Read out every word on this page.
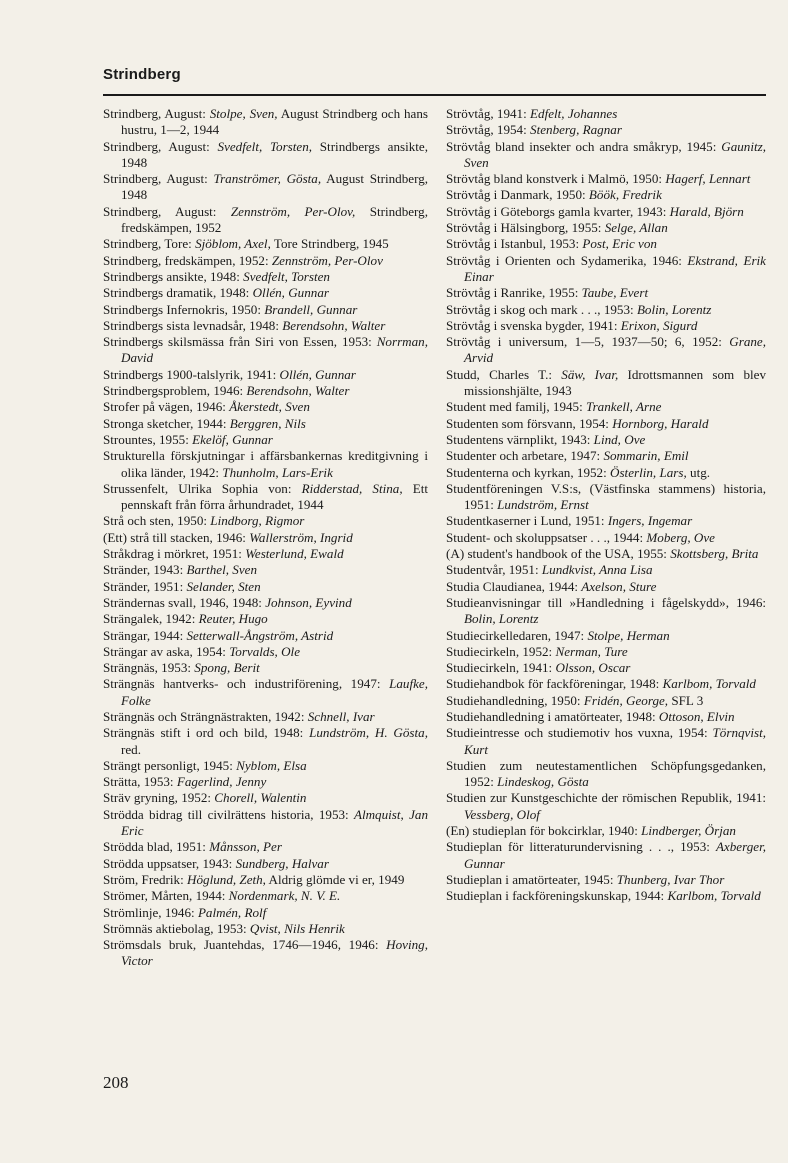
Strindberg
Strindberg, August: Stolpe, Sven, August Strindberg och hans hustru, 1—2, 1944
Strindberg, August: Svedfelt, Torsten, Strindbergs ansikte, 1948
Strindberg, August: Tranströmer, Gösta, August Strindberg, 1948
Strindberg, August: Zennström, Per-Olov, Strindberg, fredskämpen, 1952
Strindberg, Tore: Sjöblom, Axel, Tore Strindberg, 1945
Strindberg, fredskämpen, 1952: Zennström, Per-Olov
Strindbergs ansikte, 1948: Svedfelt, Torsten
Strindbergs dramatik, 1948: Ollén, Gunnar
Strindbergs Infernokris, 1950: Brandell, Gunnar
Strindbergs sista levnadsår, 1948: Berendsohn, Walter
Strindbergs skilsmässa från Siri von Essen, 1953: Norrman, David
Strindbergs 1900-talslyrik, 1941: Ollén, Gunnar
Strindbergsproblem, 1946: Berendsohn, Walter
Strofer på vägen, 1946: Åkerstedt, Sven
Stronga sketcher, 1944: Berggren, Nils
Strountes, 1955: Ekelöf, Gunnar
Strukturella förskjutningar i affärsbankernas kreditgivning i olika länder, 1942: Thunholm, Lars-Erik
Strussenfelt, Ulrika Sophia von: Ridderstad, Stina, Ett pennskaft från förra århundradet, 1944
Strå och sten, 1950: Lindborg, Rigmor
(Ett) strå till stacken, 1946: Wallerström, Ingrid
Stråkdrag i mörkret, 1951: Westerlund, Ewald
Stränder, 1943: Barthel, Sven
Stränder, 1951: Selander, Sten
Strändernas svall, 1946, 1948: Johnson, Eyvind
Strängalek, 1942: Reuter, Hugo
Strängar, 1944: Setterwall-Ångström, Astrid
Strängar av aska, 1954: Torvalds, Ole
Strängnäs, 1953: Spong, Berit
Strängnäs hantverks- och industriförening, 1947: Laufke, Folke
Strängnäs och Strängnästrakten, 1942: Schnell, Ivar
Strängnäs stift i ord och bild, 1948: Lundström, H. Gösta, red.
Strängt personligt, 1945: Nyblom, Elsa
Strätta, 1953: Fagerlind, Jenny
Sträv gryning, 1952: Chorell, Walentin
Strödda bidrag till civilrättens historia, 1953: Almquist, Jan Eric
Strödda blad, 1951: Månsson, Per
Strödda uppsatser, 1943: Sundberg, Halvar
Ström, Fredrik: Höglund, Zeth, Aldrig glömde vi er, 1949
Strömer, Mårten, 1944: Nordenmark, N. V. E.
Strömlinje, 1946: Palmén, Rolf
Strömnäs aktiebolag, 1953: Qvist, Nils Henrik
Strömsdals bruk, Juantehdas, 1746—1946, 1946: Hoving, Victor
Strövtåg, 1941: Edfelt, Johannes
Strövtåg, 1954: Stenberg, Ragnar
Strövtåg bland insekter och andra småkryp, 1945: Gaunitz, Sven
Strövtåg bland konstverk i Malmö, 1950: Hagerf, Lennart
Strövtåg i Danmark, 1950: Böök, Fredrik
Strövtåg i Göteborgs gamla kvarter, 1943: Harald, Björn
Strövtåg i Hälsingborg, 1955: Selge, Allan
Strövtåg i Istanbul, 1953: Post, Eric von
Strövtåg i Orienten och Sydamerika, 1946: Ekstrand, Erik Einar
Strövtåg i Ranrike, 1955: Taube, Evert
Strövtåg i skog och mark . . ., 1953: Bolin, Lorentz
Strövtåg i svenska bygder, 1941: Erixon, Sigurd
Strövtåg i universum, 1—5, 1937—50; 6, 1952: Grane, Arvid
Studd, Charles T.: Säw, Ivar, Idrottsmannen som blev missionshjälte, 1943
Student med familj, 1945: Trankell, Arne
Studenten som försvann, 1954: Hornborg, Harald
Studentens värnplikt, 1943: Lind, Ove
Studenter och arbetare, 1947: Sommarin, Emil
Studenterna och kyrkan, 1952: Österlin, Lars, utg.
Studentföreningen V.S:s, (Västfinska stammens) historia, 1951: Lundström, Ernst
Studentkaserner i Lund, 1951: Ingers, Ingemar
Student- och skoluppsatser . . ., 1944: Moberg, Ove
(A) student's handbook of the USA, 1955: Skottsberg, Brita
Studentvår, 1951: Lundkvist, Anna Lisa
Studia Claudianea, 1944: Axelson, Sture
Studieanvisningar till »Handledning i fågelskydd», 1946: Bolin, Lorentz
Studiecirkelledaren, 1947: Stolpe, Herman
Studiecirkeln, 1952: Nerman, Ture
Studiecirkeln, 1941: Olsson, Oscar
Studiehandbok för fackföreningar, 1948: Karlbom, Torvald
Studiehandledning, 1950: Fridén, George, SFL 3
Studiehandledning i amatörteater, 1948: Ottoson, Elvin
Studieintresse och studiemotiv hos vuxna, 1954: Törnqvist, Kurt
Studien zum neutestamentlichen Schöpfungsgedanken, 1952: Lindeskog, Gösta
Studien zur Kunstgeschichte der römischen Republik, 1941: Vessberg, Olof
(En) studieplan för bokcirklar, 1940: Lindberger, Örjan
Studieplan för litteraturundervisning . . ., 1953: Axberger, Gunnar
Studieplan i amatörteater, 1945: Thunberg, Ivar Thor
Studieplan i fackföreningskunskap, 1944: Karlbom, Torvald
208
